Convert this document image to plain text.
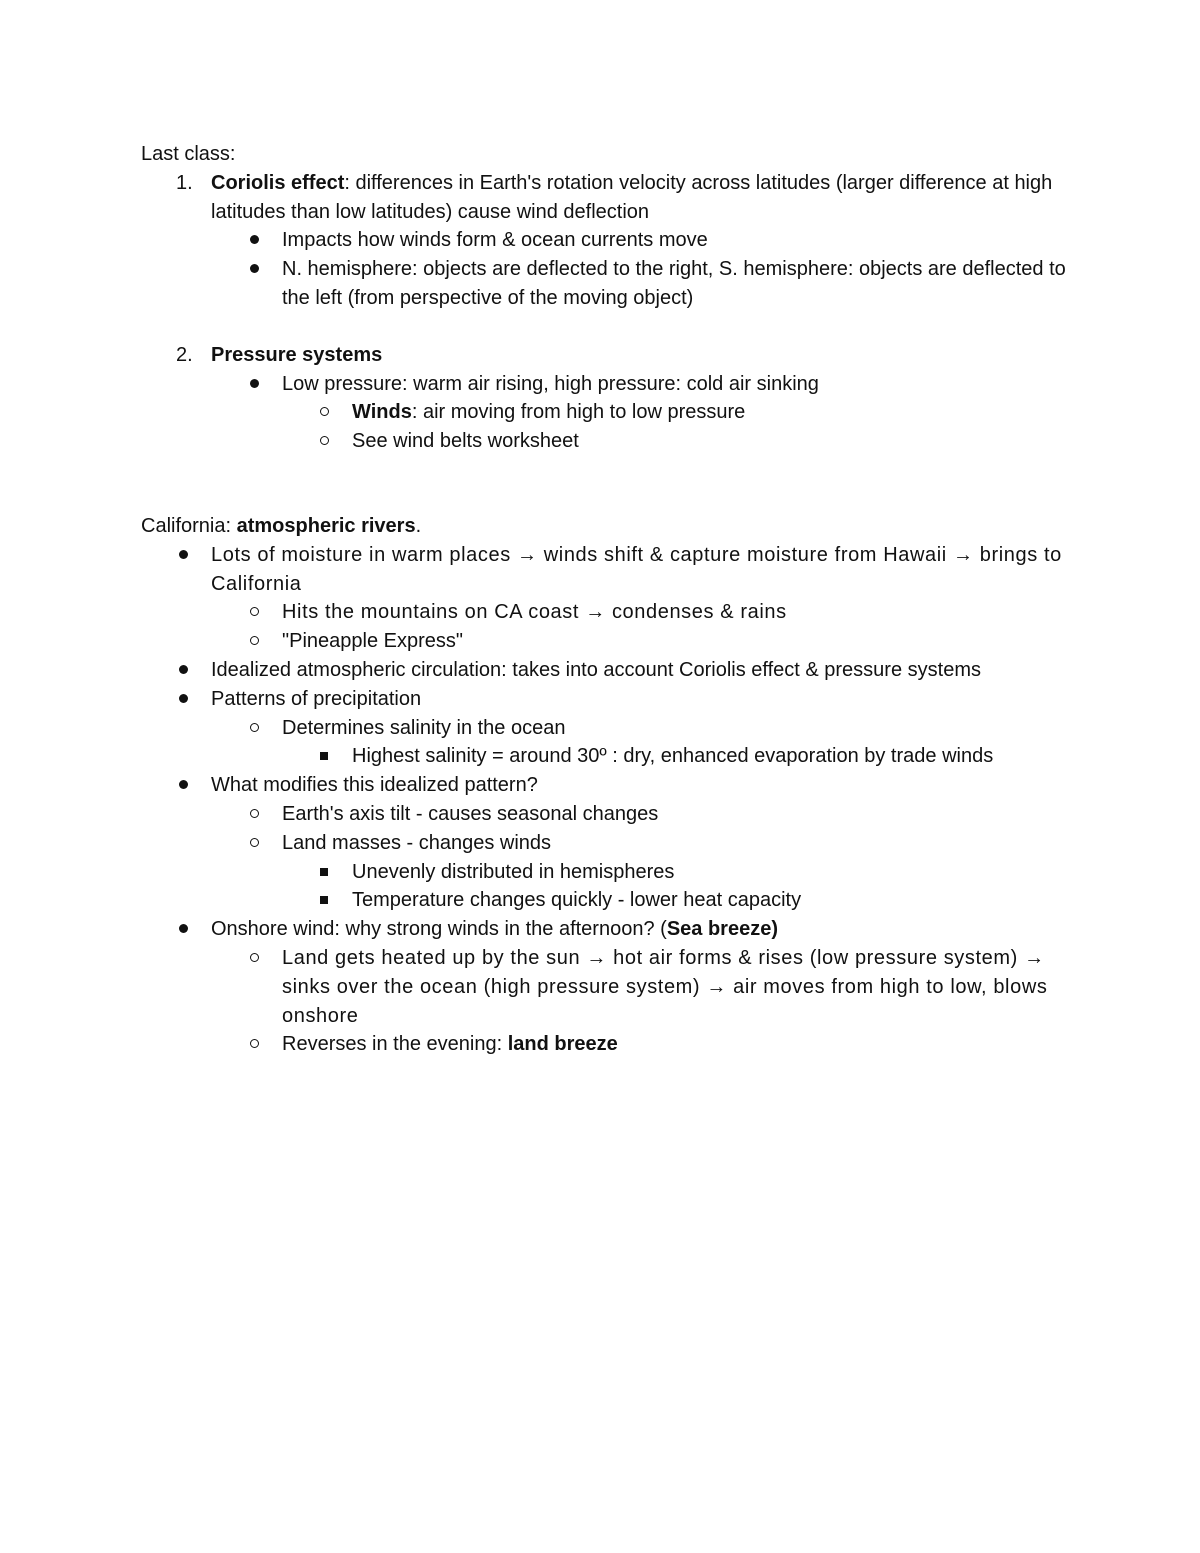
Last class:
1. Coriolis effect: differences in Earth's rotation velocity across latitudes (larger difference at high latitudes than low latitudes) cause wind deflection
Impacts how winds form & ocean currents move
N. hemisphere: objects are deflected to the right, S. hemisphere: objects are deflected to the left (from perspective of the moving object)
2. Pressure systems
Low pressure: warm air rising, high pressure: cold air sinking
Winds: air moving from high to low pressure
See wind belts worksheet
California: atmospheric rivers.
Lots of moisture in warm places → winds shift & capture moisture from Hawaii → brings to California
Hits the mountains on CA coast → condenses & rains
"Pineapple Express"
Idealized atmospheric circulation: takes into account Coriolis effect & pressure systems
Patterns of precipitation
Determines salinity in the ocean
Highest salinity = around 30º : dry, enhanced evaporation by trade winds
What modifies this idealized pattern?
Earth's axis tilt - causes seasonal changes
Land masses - changes winds
Unevenly distributed in hemispheres
Temperature changes quickly - lower heat capacity
Onshore wind: why strong winds in the afternoon? (Sea breeze)
Land gets heated up by the sun → hot air forms & rises (low pressure system) → sinks over the ocean (high pressure system) → air moves from high to low, blows onshore
Reverses in the evening: land breeze
